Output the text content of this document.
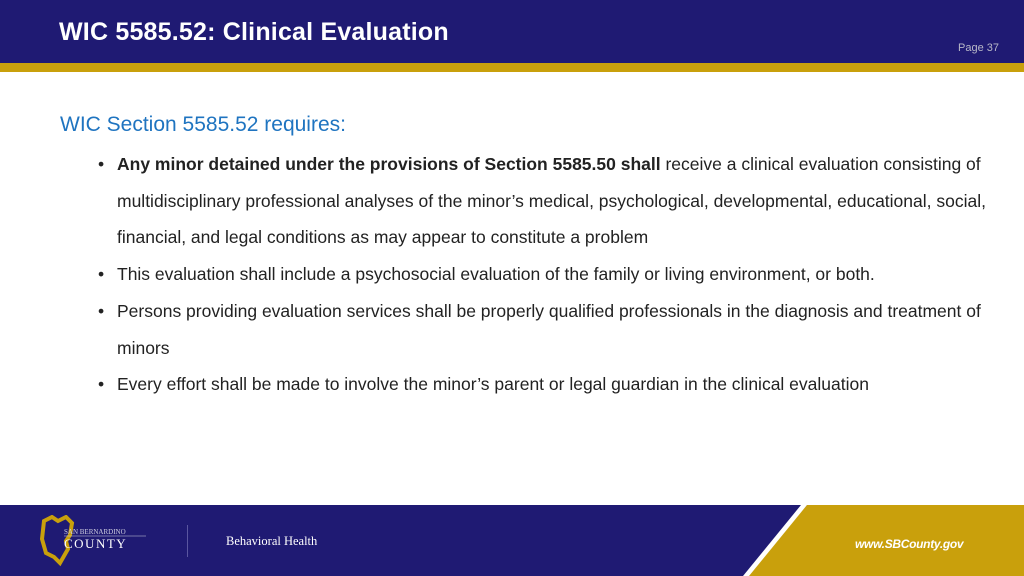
WIC 5585.52: Clinical Evaluation
Page 37
WIC Section 5585.52 requires:
• Any minor detained under the provisions of Section 5585.50 shall receive a clinical evaluation consisting of multidisciplinary professional analyses of the minor’s medical, psychological, developmental, educational, social, financial, and legal conditions as may appear to constitute a problem
• This evaluation shall include a psychosocial evaluation of the family or living environment, or both.
• Persons providing evaluation services shall be properly qualified professionals in the diagnosis and treatment of minors
• Every effort shall be made to involve the minor’s parent or legal guardian in the clinical evaluation
SAN BERNARDINO
COUNTY	Behavioral Health	www.SBCounty.gov
